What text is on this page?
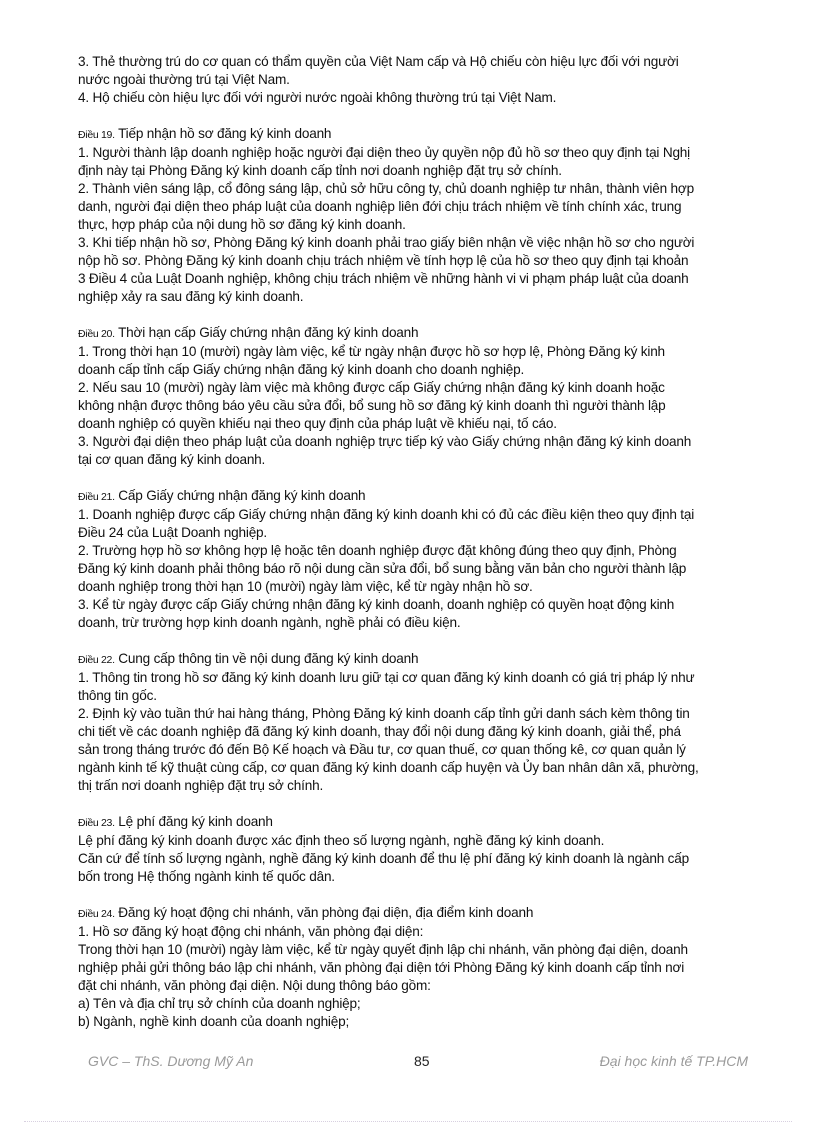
3. Thẻ thường trú do cơ quan có thẩm quyền của Việt Nam cấp và Hộ chiếu còn hiệu lực đối với người
nước ngoài thường trú tại Việt Nam.
4. Hộ chiếu còn hiệu lực đối với người nước ngoài không thường trú tại Việt Nam.
Điều 19. Tiếp nhận hồ sơ đăng ký kinh doanh
1. Người thành lập doanh nghiệp hoặc người đại diện theo ủy quyền nộp đủ hồ sơ theo quy định tại Nghị
định này tại Phòng Đăng ký kinh doanh cấp tỉnh nơi doanh nghiệp đặt trụ sở chính.
2. Thành viên sáng lập, cổ đông sáng lập, chủ sở hữu công ty, chủ doanh nghiệp tư nhân, thành viên hợp
danh, người đại diện theo pháp luật của doanh nghiệp liên đới chịu trách nhiệm về tính chính xác, trung
thực, hợp pháp của nội dung hồ sơ đăng ký kinh doanh.
3. Khi tiếp nhận hồ sơ, Phòng Đăng ký kinh doanh phải trao giấy biên nhận về việc nhận hồ sơ cho người
nộp hồ sơ. Phòng Đăng ký kinh doanh chịu trách nhiệm về tính hợp lệ của hồ sơ theo quy định tại khoản
3 Điều 4 của Luật Doanh nghiệp, không chịu trách nhiệm về những hành vi vi phạm pháp luật của doanh
nghiệp xảy ra sau đăng ký kinh doanh.
Điều 20. Thời hạn cấp Giấy chứng nhận đăng ký kinh doanh
1. Trong thời hạn 10 (mười) ngày làm việc, kể từ ngày nhận được hồ sơ hợp lệ, Phòng Đăng ký kinh
doanh cấp tỉnh cấp Giấy chứng nhận đăng ký kinh doanh cho doanh nghiệp.
2. Nếu sau 10 (mười) ngày làm việc mà không được cấp Giấy chứng nhận đăng ký kinh doanh hoặc
không nhận được thông báo yêu cầu sửa đổi, bổ sung hồ sơ đăng ký kinh doanh thì người thành lập
doanh nghiệp có quyền khiếu nại theo quy định của pháp luật về khiếu nại, tố cáo.
3. Người đại diện theo pháp luật của doanh nghiệp trực tiếp ký vào Giấy chứng nhận đăng ký kinh doanh
tại cơ quan đăng ký kinh doanh.
Điều 21. Cấp Giấy chứng nhận đăng ký kinh doanh
1. Doanh nghiệp được cấp Giấy chứng nhận đăng ký kinh doanh khi có đủ các điều kiện theo quy định tại
Điều 24 của Luật Doanh nghiệp.
2. Trường hợp hồ sơ không hợp lệ hoặc tên doanh nghiệp được đặt không đúng theo quy định, Phòng
Đăng ký kinh doanh phải thông báo rõ nội dung cần sửa đổi, bổ sung bằng văn bản cho người thành lập
doanh nghiệp trong thời hạn 10 (mười) ngày làm việc, kể từ ngày nhận hồ sơ.
3. Kể từ ngày được cấp Giấy chứng nhận đăng ký kinh doanh, doanh nghiệp có quyền hoạt động kinh
doanh, trừ trường hợp kinh doanh ngành, nghề phải có điều kiện.
Điều 22. Cung cấp thông tin về nội dung đăng ký kinh doanh
1. Thông tin trong hồ sơ đăng ký kinh doanh lưu giữ tại cơ quan đăng ký kinh doanh có giá trị pháp lý như
thông tin gốc.
2. Định kỳ vào tuần thứ hai hàng tháng, Phòng Đăng ký kinh doanh cấp tỉnh gửi danh sách kèm thông tin
chi tiết về các doanh nghiệp đã đăng ký kinh doanh, thay đổi nội dung đăng ký kinh doanh, giải thể, phá
sản trong tháng trước đó đến Bộ Kế hoạch và Đầu tư, cơ quan thuế, cơ quan thống kê, cơ quan quản lý
ngành kinh tế kỹ thuật cùng cấp, cơ quan đăng ký kinh doanh cấp huyện và Ủy ban nhân dân xã, phường,
thị trấn nơi doanh nghiệp đặt trụ sở chính.
Điều 23. Lệ phí đăng ký kinh doanh
Lệ phí đăng ký kinh doanh được xác định theo số lượng ngành, nghề đăng ký kinh doanh.
Căn cứ để tính số lượng ngành, nghề đăng ký kinh doanh để thu lệ phí đăng ký kinh doanh là ngành cấp
bốn trong Hệ thống ngành kinh tế quốc dân.
Điều 24. Đăng ký hoạt động chi nhánh, văn phòng đại diện, địa điểm kinh doanh
1. Hồ sơ đăng ký hoạt động chi nhánh, văn phòng đại diện:
Trong thời hạn 10 (mười) ngày làm việc, kể từ ngày quyết định lập chi nhánh, văn phòng đại diện, doanh
nghiệp phải gửi thông báo lập chi nhánh, văn phòng đại diện tới Phòng Đăng ký kinh doanh cấp tỉnh nơi
đặt chi nhánh, văn phòng đại diện. Nội dung thông báo gồm:
a) Tên và địa chỉ trụ sở chính của doanh nghiệp;
b) Ngành, nghề kinh doanh của doanh nghiệp;
GVC – ThS. Dương Mỹ An	85	Đại học kinh tế TP.HCM
